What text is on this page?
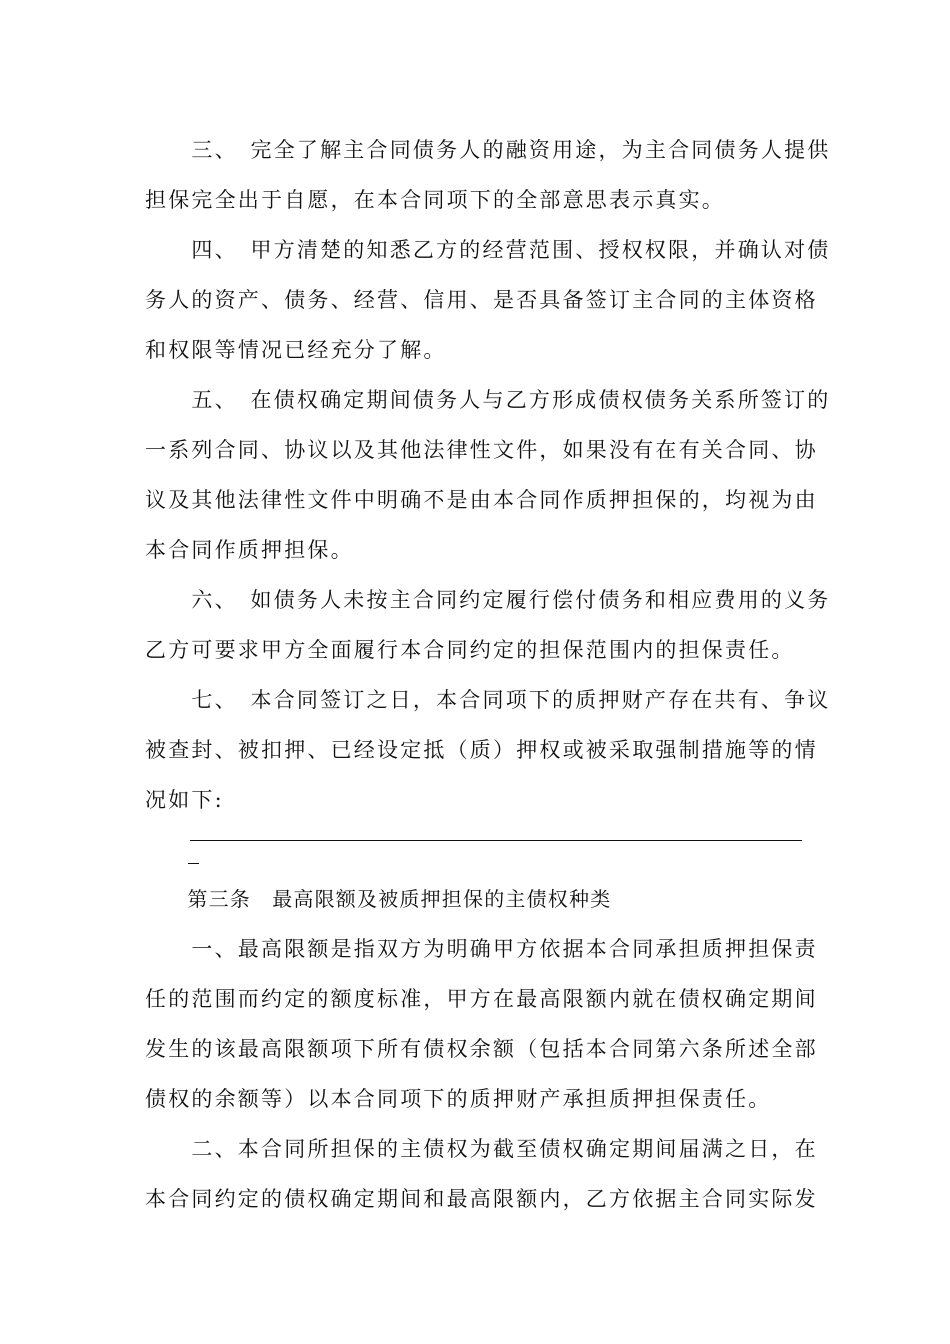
　　三、　完全了解主合同债务人的融资用途，为主合同债务人提供
担保完全出于自愿，在本合同项下的全部意思表示真实。
　　四、　甲方清楚的知悉乙方的经营范围、授权权限，并确认对债
务人的资产、债务、经营、信用、是否具备签订主合同的主体资格
和权限等情况已经充分了解。
　　五、　在债权确定期间债务人与乙方形成债权债务关系所签订的
一系列合同、协议以及其他法律性文件，如果没有在有关合同、协
议及其他法律性文件中明确不是由本合同作质押担保的，均视为由
本合同作质押担保。
　　六、　如债务人未按主合同约定履行偿付债务和相应费用的义务
乙方可要求甲方全面履行本合同约定的担保范围内的担保责任。
　　七、　本合同签订之日，本合同项下的质押财产存在共有、争议
被查封、被扣押、已经设定抵（质）押权或被采取强制措施等的情
况如下:
　　第三条　最高限额及被质押担保的主债权种类
　　一、最高限额是指双方为明确甲方依据本合同承担质押担保责
任的范围而约定的额度标准，甲方在最高限额内就在债权确定期间
发生的该最高限额项下所有债权余额（包括本合同第六条所述全部
债权的余额等）以本合同项下的质押财产承担质押担保责任。
　　二、本合同所担保的主债权为截至债权确定期间届满之日，在
本合同约定的债权确定期间和最高限额内，乙方依据主合同实际发
